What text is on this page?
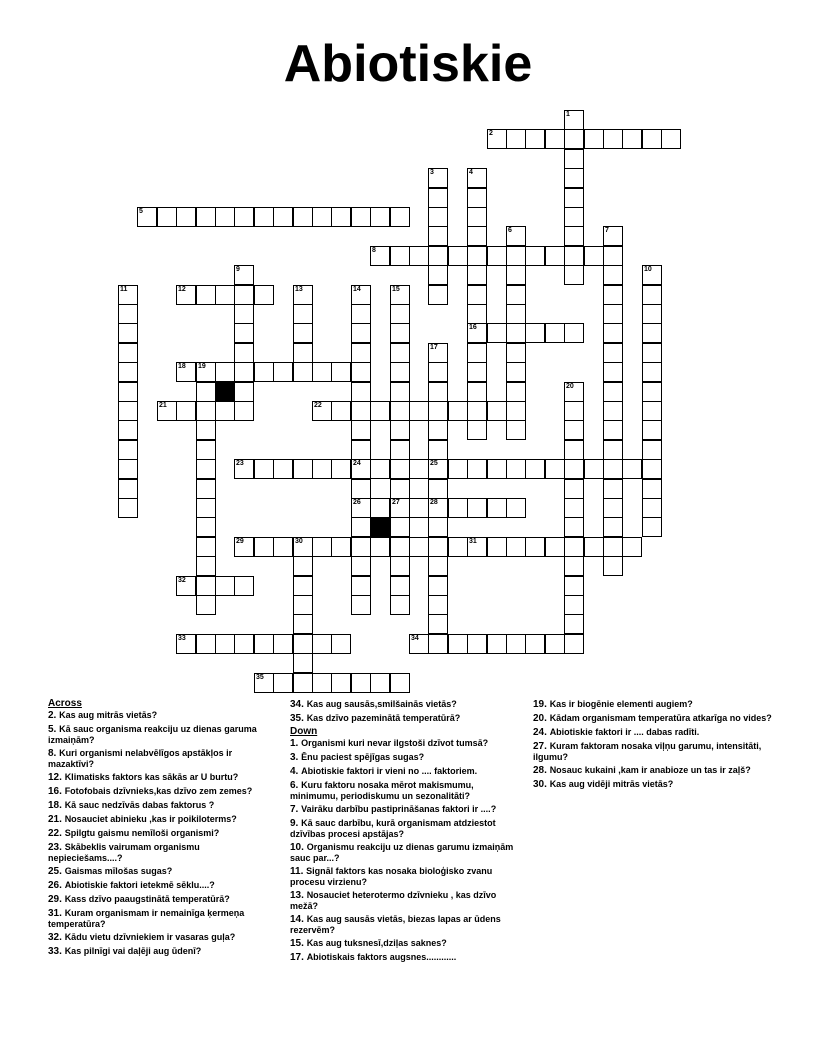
Abiotiskie
2
5
8
12
16
18 19
21	22
23	24	25
26	27	28
29	30	31
32
33	34
35
1
3	4
6	7
9	10
11	13	14	15
17
20
Across
2. Kas aug mitrās vietās?
5. Kā sauc organisma reakciju uz dienas garuma izmaiņām?
8. Kuri organismi nelabvēlīgos apstākļos ir mazaktīvi?
12. Klimatisks faktors kas sākās ar U burtu?
16. Fotofobais dzīvnieks,kas dzīvo zem zemes?
18. Kā sauc nedzīvās dabas faktorus ?
21. Nosauciet abinieku ,kas ir poikiloterms?
22. Spilgtu gaismu nemīloši organismi?
23. Skābeklis vairumam organismu nepieciešams....?
25. Gaismas mīlošas sugas?
26. Abiotiskie faktori ietekmē sēklu....?
29. Kass dzīvo paaugstinātā temperatūrā?
31. Kuram organismam ir nemainīga ķermeņa temperatūra?
32. Kādu vietu dzīvniekiem ir vasaras guļa?
33. Kas pilnīgi vai daļēji aug ūdenī?
34. Kas aug sausās,smilšainās vietās?
35. Kas dzīvo pazeminātā temperatūrā?
Down
1. Organismi kuri nevar ilgstoši dzīvot tumsā?
3. Ēnu paciest spējīgas sugas?
4. Abiotiskie faktori ir vieni no .... faktoriem.
6. Kuru faktoru nosaka mērot makismumu, minimumu, periodiskumu un sezonalitāti?
7. Vairāku darbību pastiprināšanas faktori ir ....?
9. Kā sauc darbību, kurā organismam atdziestot dzīvības procesi apstājas?
10. Organismu reakciju uz dienas garumu izmaiņām sauc par...?
11. Signāl faktors kas nosaka bioloģisko zvanu procesu virzienu?
13. Nosauciet heterotermo dzīvnieku , kas dzīvo mežā?
14. Kas aug sausās vietās, biezas lapas ar ūdens rezervēm?
15. Kas aug tuksnesī,dziļas saknes?
17. Abiotiskais faktors augsnes............
19. Kas ir biogēnie elementi augiem?
20. Kādam organismam temperatūra atkarīga no vides?
24. Abiotiskie faktori ir .... dabas radīti.
27. Kuram faktoram nosaka viļņu garumu, intensitāti, ilgumu?
28. Nosauc kukaini ,kam ir anabioze un tas ir zaļš?
30. Kas aug vidēji mitrās vietās?
